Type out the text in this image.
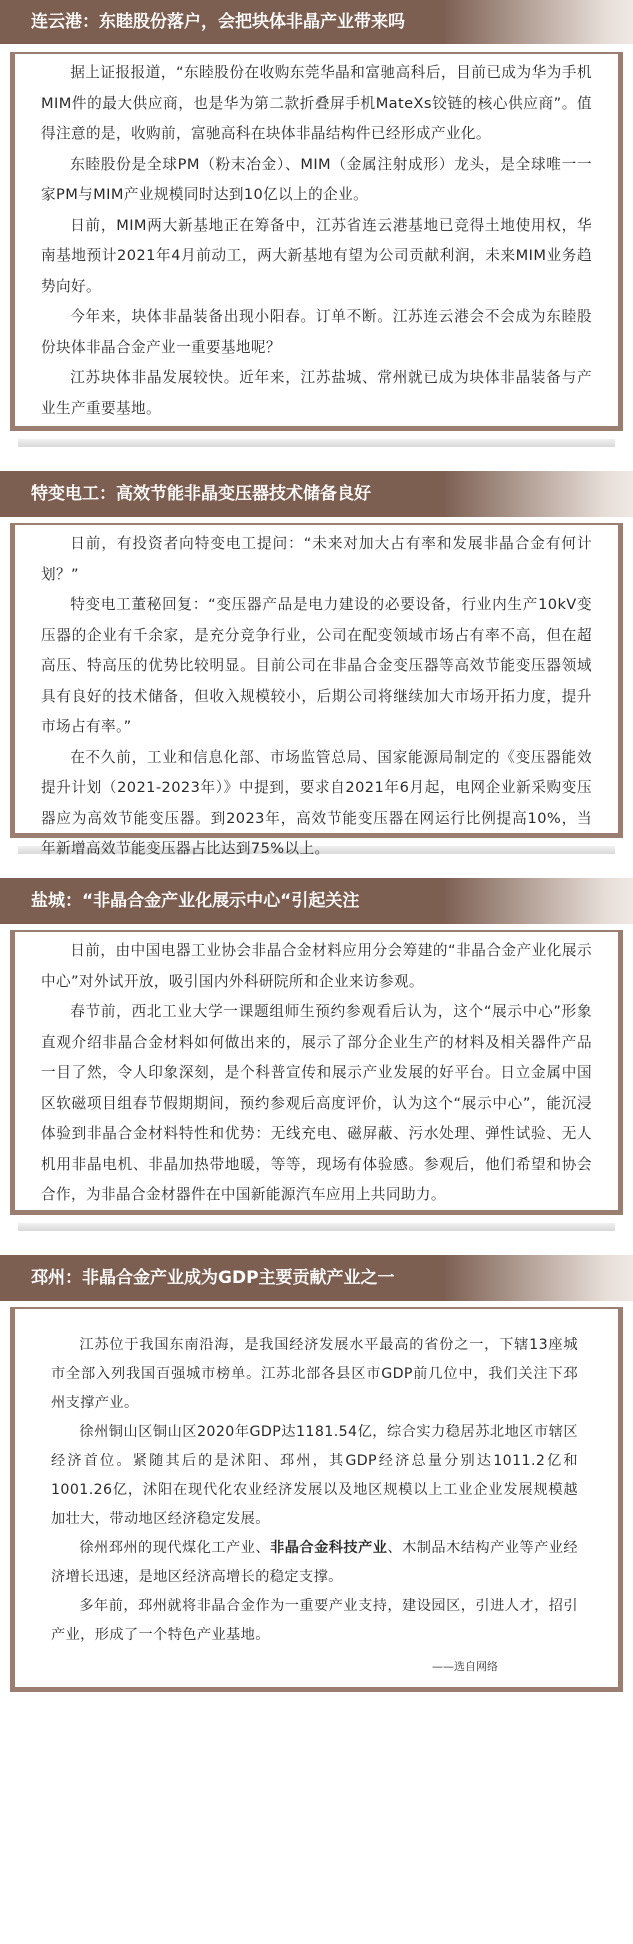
连云港：东睦股份落户，会把块体非晶产业带来吗

据上证报报道，“东睦股份在收购东莞华晶和富驰高科后，目前已成为华为手机MIM件的最大供应商，也是华为第二款折叠屏手机MateXs铰链的核心供应商”。值得注意的是，收购前，富驰高科在块体非晶结构件已经形成产业化。

东睦股份是全球PM（粉末冶金）、MIM（金属注射成形）龙头，是全球唯一一家PM与MIM产业规模同时达到10亿以上的企业。

日前，MIM两大新基地正在筹备中，江苏省连云港基地已竞得土地使用权，华南基地预计2021年4月前动工，两大新基地有望为公司贡献利润，未来MIM业务趋势向好。

今年来，块体非晶装备出现小阳春。订单不断。江苏连云港会不会成为东睦股份块体非晶合金产业一重要基地呢？

江苏块体非晶发展较快。近年来，江苏盐城、常州就已成为块体非晶装备与产业生产重要基地。

特变电工：高效节能非晶变压器技术储备良好

日前，有投资者向特变电工提问：“未来对加大占有率和发展非晶合金有何计划？”

特变电工董秘回复：“变压器产品是电力建设的必要设备，行业内生产10kV变压器的企业有千余家，是充分竞争行业，公司在配变领域市场占有率不高，但在超高压、特高压的优势比较明显。目前公司在非晶合金变压器等高效节能变压器领域具有良好的技术储备，但收入规模较小，后期公司将继续加大市场开拓力度，提升市场占有率。”

在不久前，工业和信息化部、市场监管总局、国家能源局制定的《变压器能效提升计划（2021-2023年）》中提到，要求自2021年6月起，电网企业新采购变压器应为高效节能变压器。到2023年，高效节能变压器在网运行比例提高10%，当年新增高效节能变压器占比达到75%以上。

盐城：“非晶合金产业化展示中心“引起关注

日前，由中国电器工业协会非晶合金材料应用分会筹建的“非晶合金产业化展示中心”对外试开放，吸引国内外科研院所和企业来访参观。

春节前，西北工业大学一课题组师生预约参观看后认为，这个“展示中心”形象直观介绍非晶合金材料如何做出来的，展示了部分企业生产的材料及相关器件产品一目了然，令人印象深刻，是个科普宣传和展示产业发展的好平台。日立金属中国区软磁项目组春节假期期间，预约参观后高度评价，认为这个“展示中心”，能沉浸体验到非晶合金材料特性和优势：无线充电、磁屏蔽、污水处理、弹性试验、无人机用非晶电机、非晶加热带地暖，等等，现场有体验感。参观后，他们希望和协会合作，为非晶合金材器件在中国新能源汽车应用上共同助力。

邳州：非晶合金产业成为GDP主要贡献产业之一

江苏位于我国东南沿海，是我国经济发展水平最高的省份之一，下辖13座城市全部入列我国百强城市榜单。江苏北部各县区市GDP前几位中，我们关注下邳州支撑产业。

徐州铜山区铜山区2020年GDP达1181.54亿，综合实力稳居苏北地区市辖区经济首位。紧随其后的是沭阳、邳州，其GDP经济总量分别达1011.2亿和1001.26亿，沭阳在现代化农业经济发展以及地区规模以上工业企业发展规模越加壮大，带动地区经济稳定发展。

徐州邳州的现代煤化工产业、非晶合金科技产业、木制品木结构产业等产业经济增长迅速，是地区经济高增长的稳定支撑。

多年前，邳州就将非晶合金作为一重要产业支持，建设园区，引进人才，招引产业，形成了一个特色产业基地。

——选自网络
